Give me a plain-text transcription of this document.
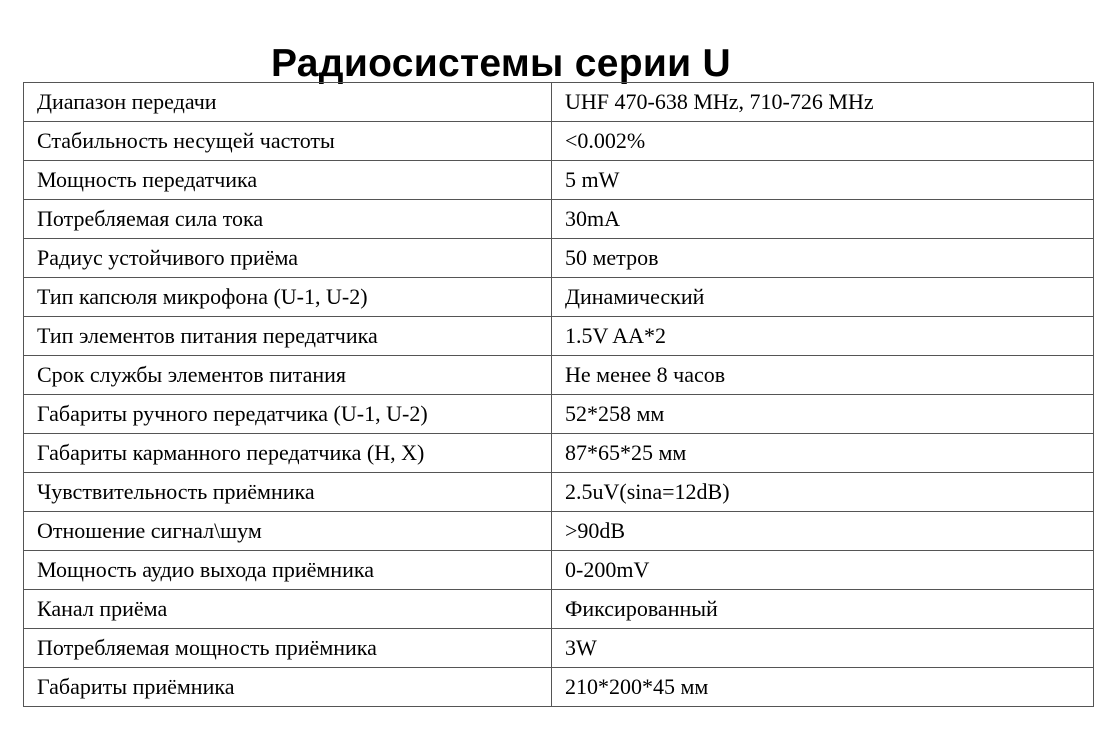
Радиосистемы серии U
Диапазон передачи	UHF 470-638 MHz, 710-726 MHz
Стабильность несущей частоты	<0.002%
Мощность передатчика	5 mW
Потребляемая сила тока	30mA
Радиус устойчивого приёма	50 метров
Тип капсюля микрофона (U-1, U-2)	Динамический
Тип элементов питания передатчика	1.5V AA*2
Срок службы элементов питания	Не менее 8 часов
Габариты ручного передатчика (U-1, U-2)	52*258 мм
Габариты карманного передатчика (H, X)	87*65*25 мм
Чувствительность приёмника	2.5uV(sina=12dB)
Отношение сигнал\шум	>90dB
Мощность аудио выхода приёмника	0-200mV
Канал приёма	Фиксированный
Потребляемая мощность приёмника	3W
Габариты приёмника	210*200*45 мм
